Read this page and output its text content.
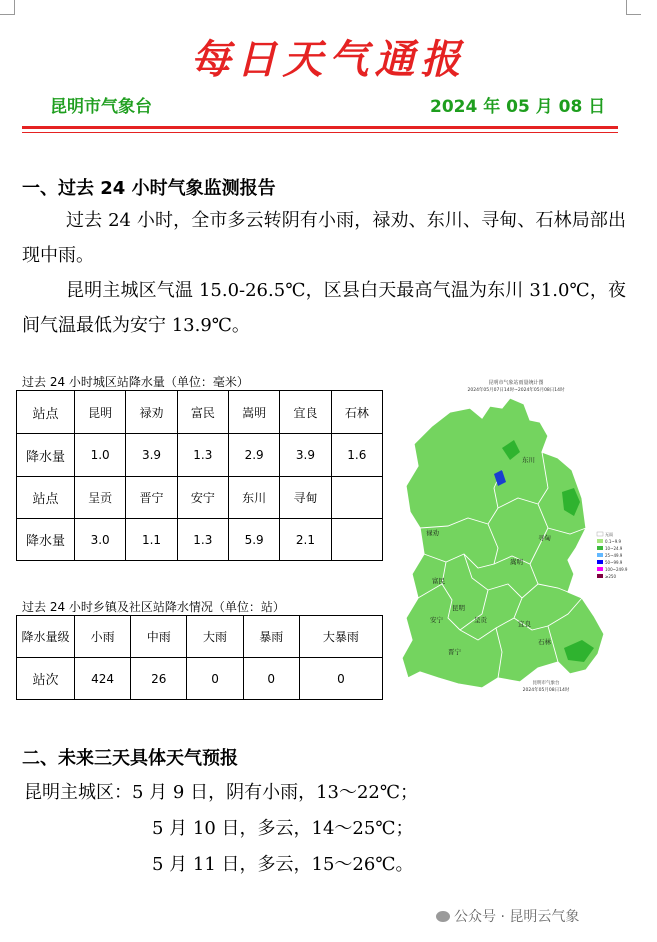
每日天气通报
昆明市气象台	2024 年 05 月 08 日
一、过去 24 小时气象监测报告
过去 24 小时，全市多云转阴有小雨，禄劝、东川、寻甸、石林局部出现中雨。
昆明主城区气温 15.0-26.5℃，区县白天最高气温为东川 31.0℃，夜间气温最低为安宁 13.9℃。
过去 24 小时城区站降水量（单位：毫米）
站点	昆明	禄劝	富民	嵩明	宜良	石林
降水量	1.0	3.9	1.3	2.9	3.9	1.6
站点	呈贡	晋宁	安宁	东川	寻甸	
降水量	3.0	1.1	1.3	5.9	2.1	
过去 24 小时乡镇及社区站降水情况（单位：站）
降水量级	小雨	中雨	大雨	暴雨	大暴雨
站次	424	26	0	0	0
昆明市气象站雨量统计图
2024年05月07日14时~2024年05月08日14时
东川
禄劝
寻甸
嵩明
富民
昆明
安宁	呈贡	宜良
晋宁
石林
无雨
0.1~9.9
10~24.9
25~49.9
50~99.9
100~249.9
≥250
昆明市气象台
2024年05月08日14时
二、未来三天具体天气预报
昆明主城区：5 月 9 日，阴有小雨，13～22℃；
5 月 10 日，多云，14～25℃；
5 月 11 日，多云，15～26℃。
公众号 · 昆明云气象
